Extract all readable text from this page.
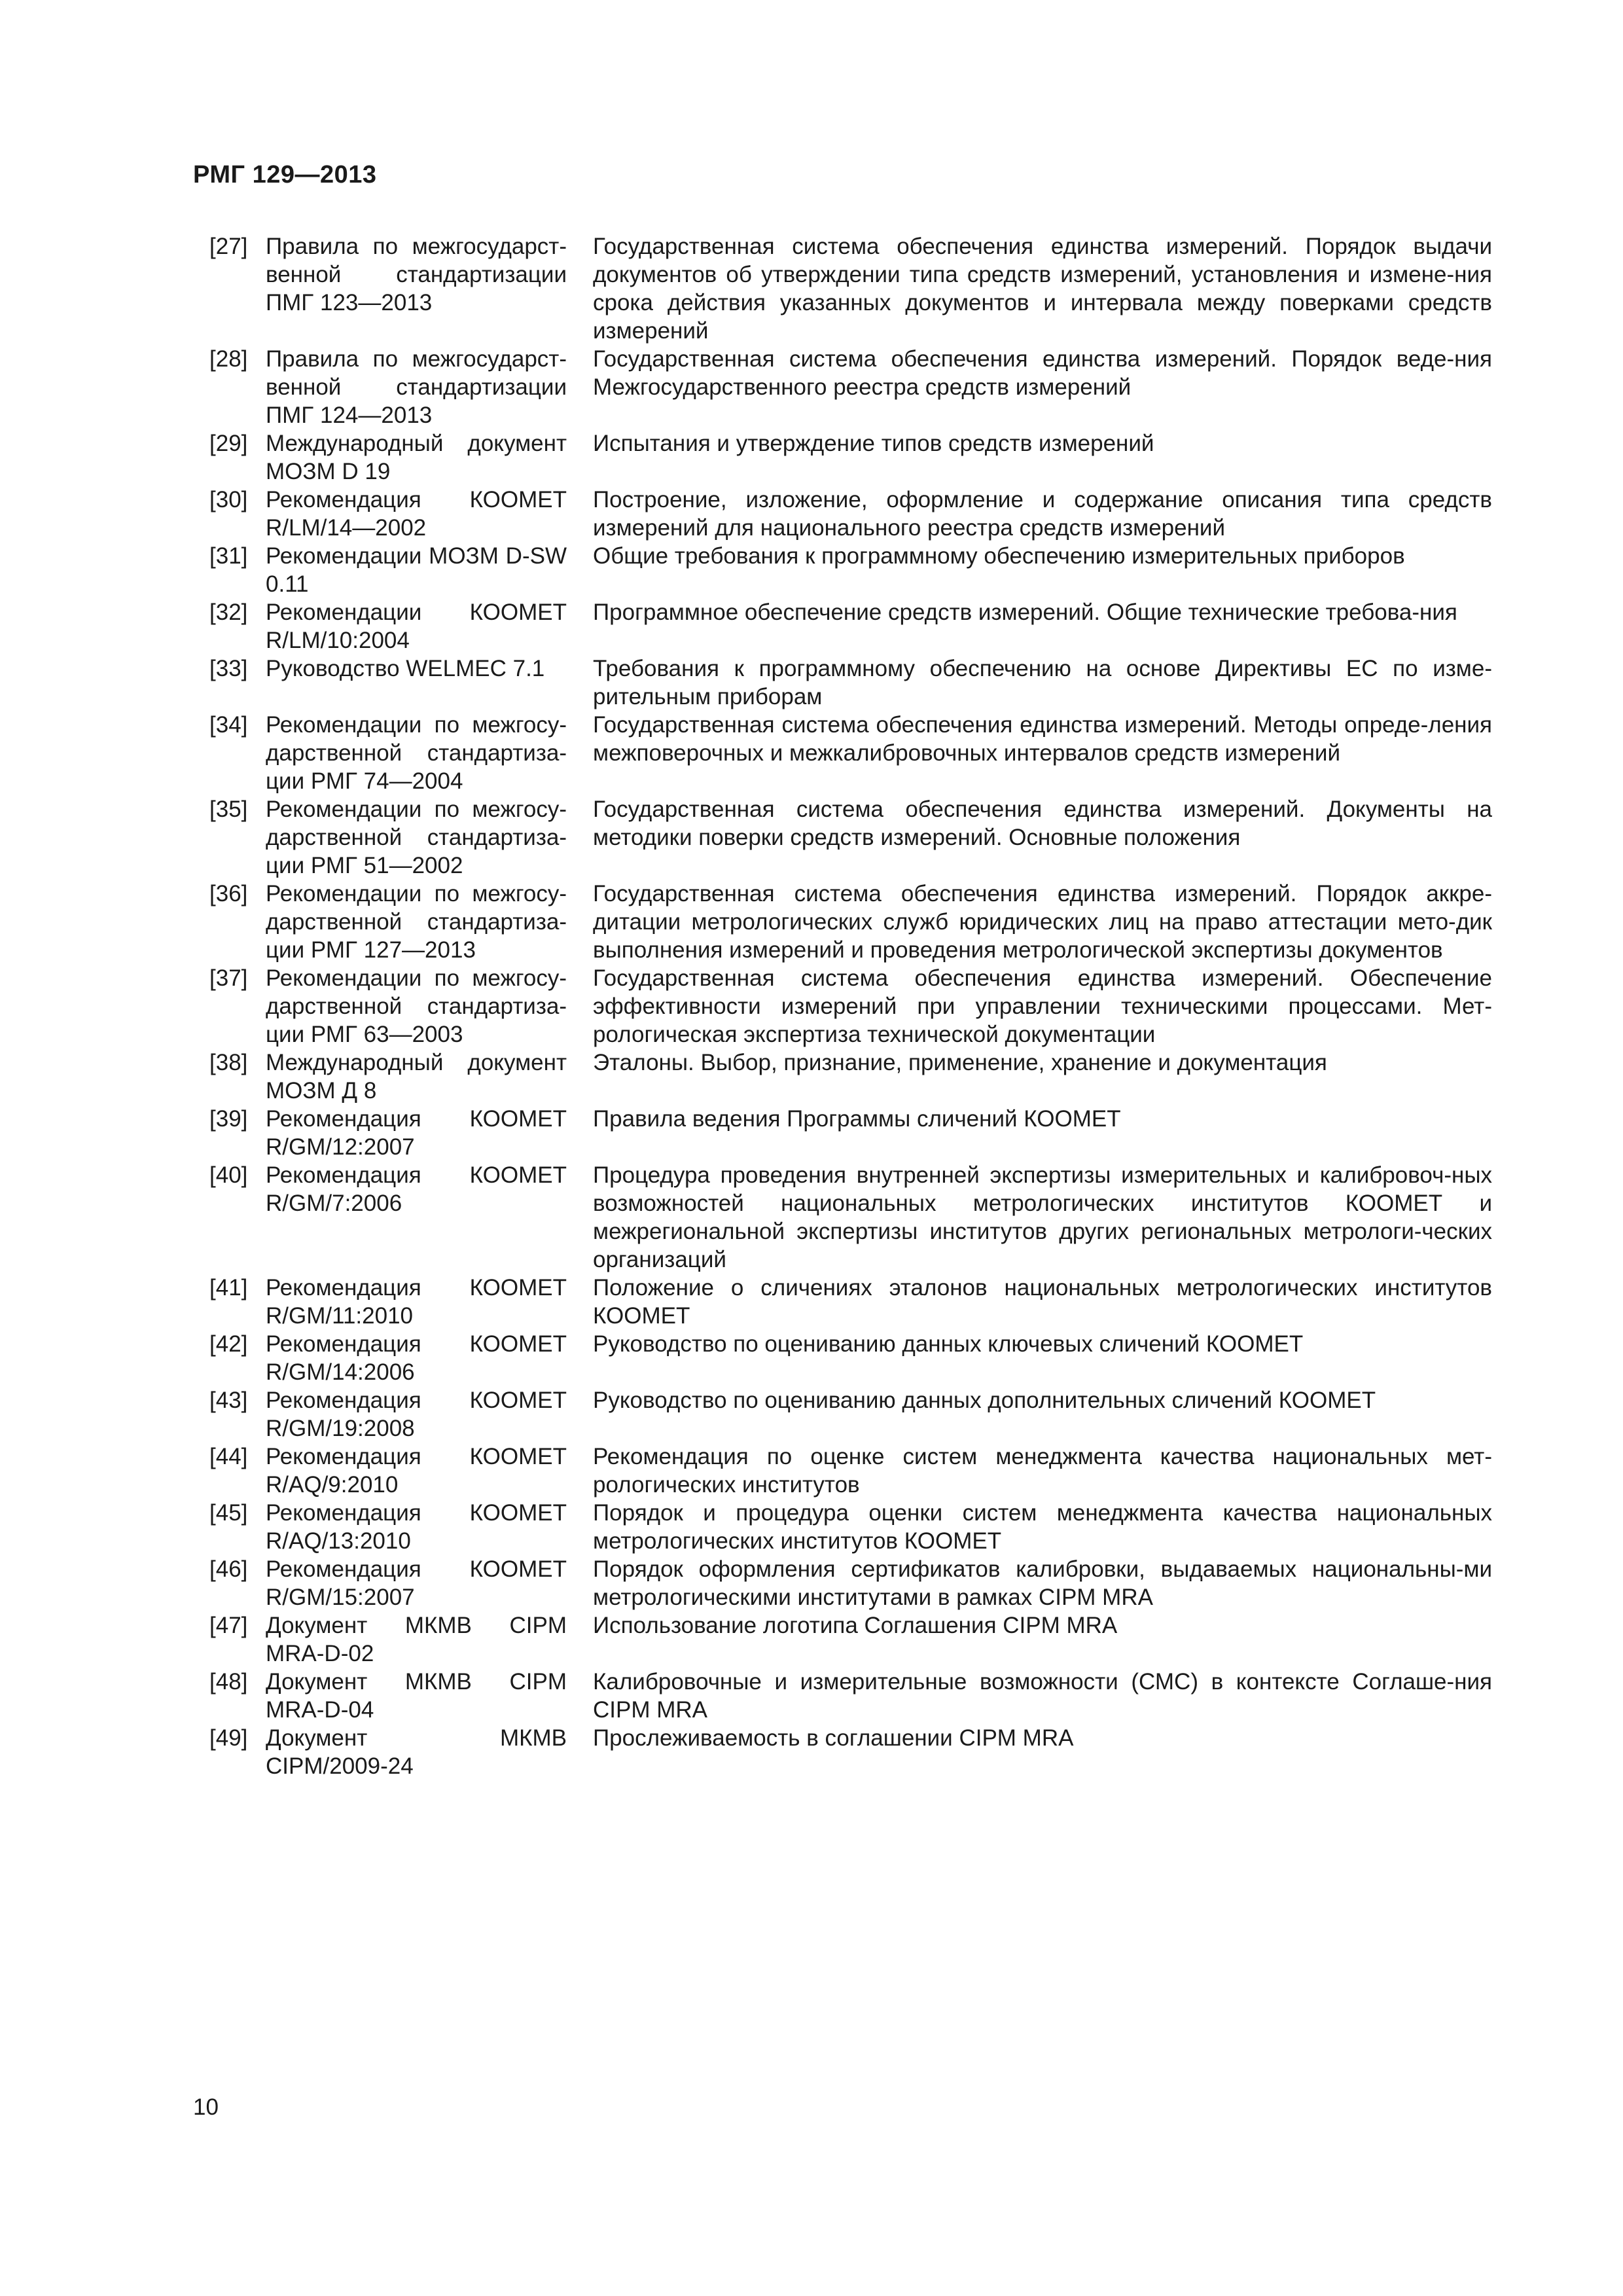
РМГ 129—2013
[27] Правила по межгосударст-венной стандартизации ПМГ 123—2013
Государственная система обеспечения единства измерений. Порядок выдачи документов об утверждении типа средств измерений, установления и измене-ния срока действия указанных документов и интервала между поверками средств измерений
[28] Правила по межгосударст-венной стандартизации ПМГ 124—2013
Государственная система обеспечения единства измерений. Порядок веде-ния Межгосударственного реестра средств измерений
[29] Международный документ МОЗМ D 19
Испытания и утверждение типов средств измерений
[30] Рекомендация КООМЕТ R/LM/14—2002
Построение, изложение, оформление и содержание описания типа средств измерений для национального реестра средств измерений
[31] Рекомендации МОЗМ D-SW 0.11
Общие требования к программному обеспечению измерительных приборов
[32] Рекомендации КООМЕТ R/LM/10:2004
Программное обеспечение средств измерений. Общие технические требова-ния
[33] Руководство WELMEC 7.1	Требования к программному обеспечению на основе Директивы ЕС по изме-рительным приборам
[34] Рекомендации по межгосу-дарственной стандартиза-ции РМГ 74—2004
Государственная система обеспечения единства измерений. Методы опреде-ления межповерочных и межкалибровочных интервалов средств измерений
[35] Рекомендации по межгосу-дарственной стандартиза-ции РМГ 51—2002
Государственная система обеспечения единства измерений. Документы на методики поверки средств измерений. Основные положения
[36] Рекомендации по межгосу-дарственной стандартиза-ции РМГ 127—2013
Государственная система обеспечения единства измерений. Порядок аккре-дитации метрологических служб юридических лиц на право аттестации мето-дик выполнения измерений и проведения метрологической экспертизы документов
[37] Рекомендации по межгосу-дарственной стандартиза-ции РМГ 63—2003
Государственная система обеспечения единства измерений. Обеспечение эффективности измерений при управлении техническими процессами. Мет-рологическая экспертиза технической документации
[38] Международный документ МОЗМ Д 8
Эталоны. Выбор, признание, применение, хранение и документация
[39] Рекомендация КООМЕТ R/GM/12:2007
Правила ведения Программы сличений КООМЕТ
[40] Рекомендация КООМЕТ R/GM/7:2006
Процедура проведения внутренней экспертизы измерительных и калибровоч-ных возможностей национальных метрологических институтов КООМЕТ и межрегиональной экспертизы институтов других региональных метрологи-ческих организаций
[41] Рекомендация КООМЕТ R/GM/11:2010
Положение о сличениях эталонов национальных метрологических институтов КООМЕТ
[42] Рекомендация КООМЕТ R/GM/14:2006
Руководство по оцениванию данных ключевых сличений КООМЕТ
[43] Рекомендация КООМЕТ R/GM/19:2008
Руководство по оцениванию данных дополнительных сличений КООМЕТ
[44] Рекомендация КООМЕТ R/AQ/9:2010
Рекомендация по оценке систем менеджмента качества национальных мет-рологических институтов
[45] Рекомендация КООМЕТ R/AQ/13:2010
Порядок и процедура оценки систем менеджмента качества национальных метрологических институтов КООМЕТ
[46] Рекомендация КООМЕТ R/GM/15:2007
Порядок оформления сертификатов калибровки, выдаваемых национальны-ми метрологическими институтами в рамках CIPM MRA
[47] Документ МКМВ CIPM MRA-D-02
Использование логотипа Соглашения CIPM MRA
[48] Документ МКМВ CIPM MRA-D-04
Калибровочные и измерительные возможности (СМС) в контексте Соглаше-ния CIPM MRA
[49] Документ МКМВ CIPM/2009-24
Прослеживаемость в соглашении CIPM MRA
10
